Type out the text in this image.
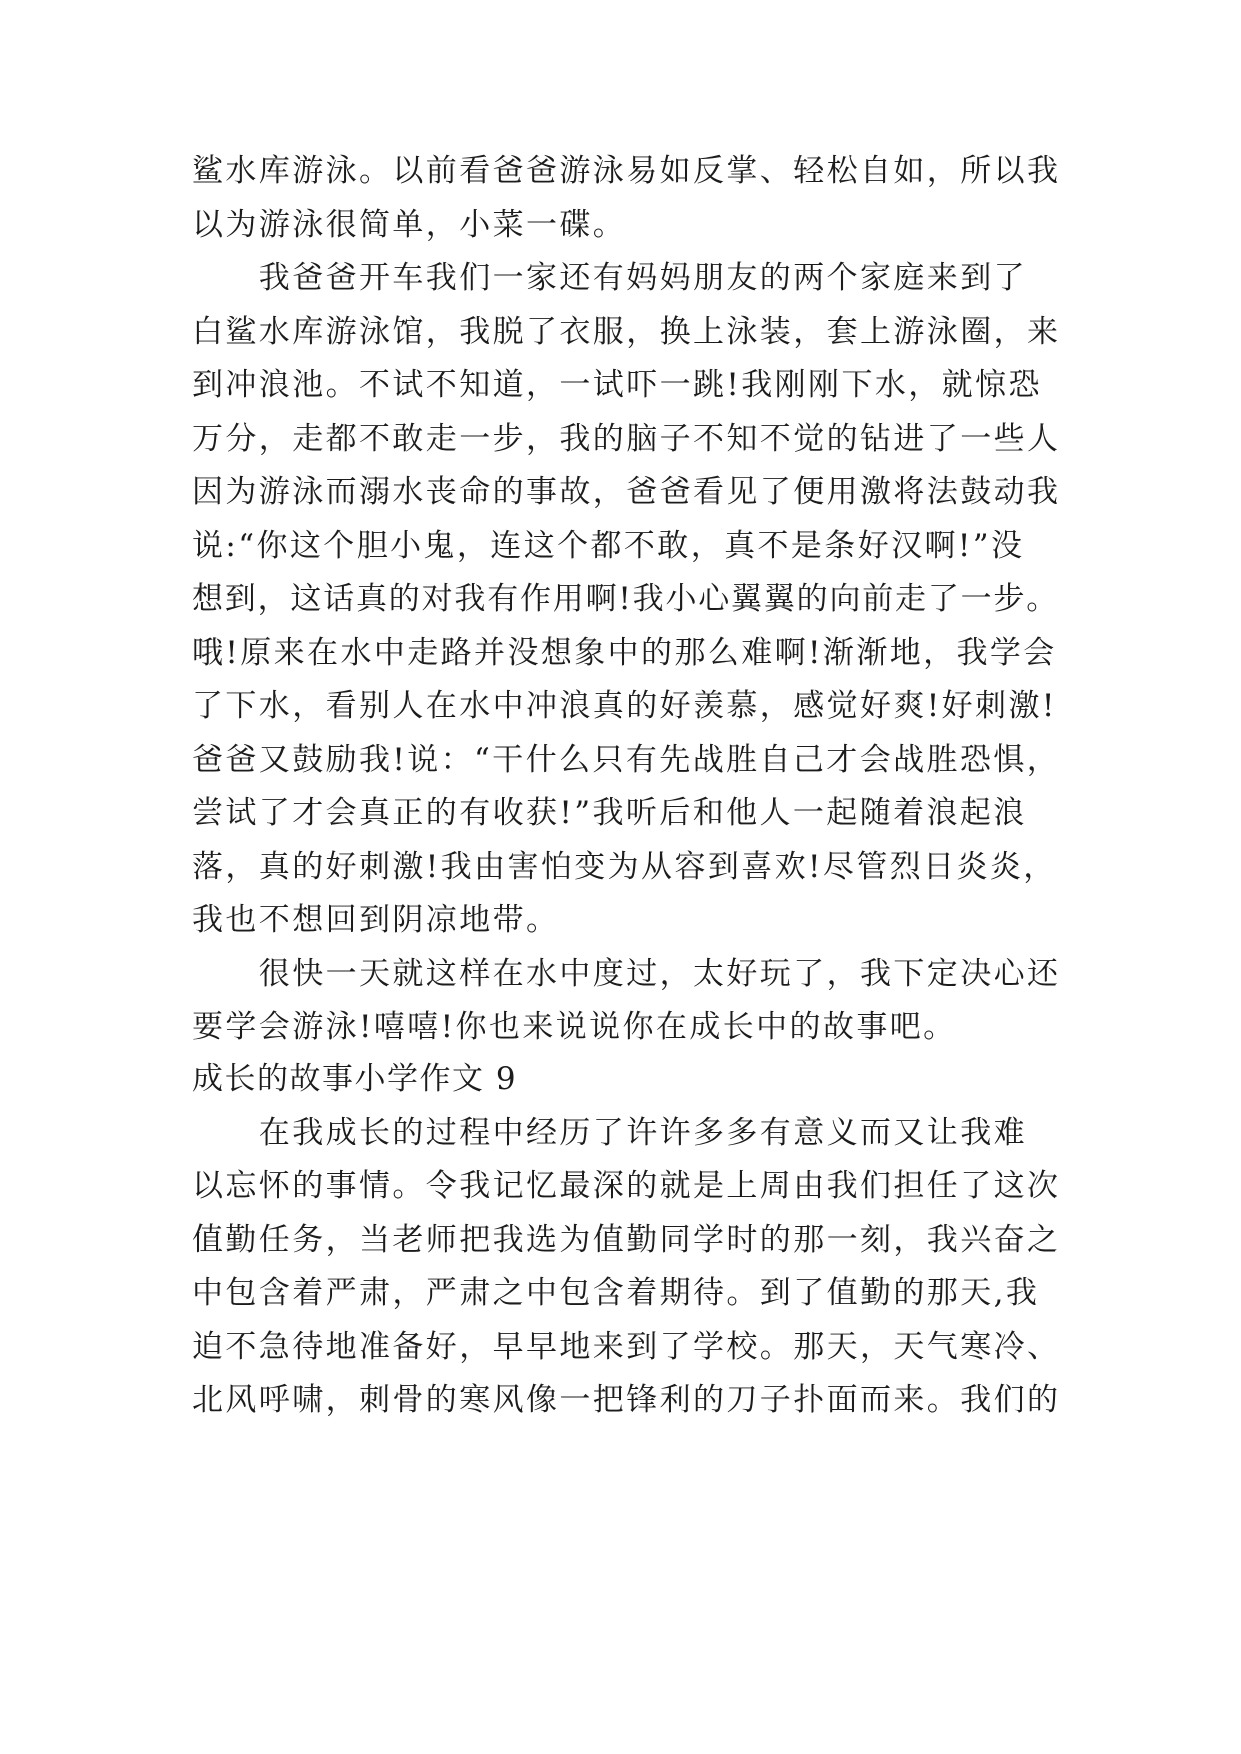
鲨水库游泳。以前看爸爸游泳易如反掌、轻松自如，所以我
以为游泳很简单，小菜一碟。
　　我爸爸开车我们一家还有妈妈朋友的两个家庭来到了
白鲨水库游泳馆，我脱了衣服，换上泳装，套上游泳圈，来
到冲浪池。不试不知道，一试吓一跳!我刚刚下水，就惊恐
万分，走都不敢走一步，我的脑子不知不觉的钻进了一些人
因为游泳而溺水丧命的事故，爸爸看见了便用激将法鼓动我
说:“你这个胆小鬼，连这个都不敢，真不是条好汉啊!”没
想到，这话真的对我有作用啊!我小心翼翼的向前走了一步。
哦!原来在水中走路并没想象中的那么难啊!渐渐地，我学会
了下水，看别人在水中冲浪真的好羡慕，感觉好爽!好刺激!
爸爸又鼓励我!说：“干什么只有先战胜自己才会战胜恐惧，
尝试了才会真正的有收获!”我听后和他人一起随着浪起浪
落，真的好刺激!我由害怕变为从容到喜欢!尽管烈日炎炎，
我也不想回到阴凉地带。
　　很快一天就这样在水中度过，太好玩了，我下定决心还
要学会游泳!嘻嘻!你也来说说你在成长中的故事吧。
成长的故事小学作文 9
　　在我成长的过程中经历了许许多多有意义而又让我难
以忘怀的事情。令我记忆最深的就是上周由我们担任了这次
值勤任务，当老师把我选为值勤同学时的那一刻，我兴奋之
中包含着严肃，严肃之中包含着期待。到了值勤的那天,我
迫不急待地准备好，早早地来到了学校。那天，天气寒冷、
北风呼啸，刺骨的寒风像一把锋利的刀子扑面而来。我们的
